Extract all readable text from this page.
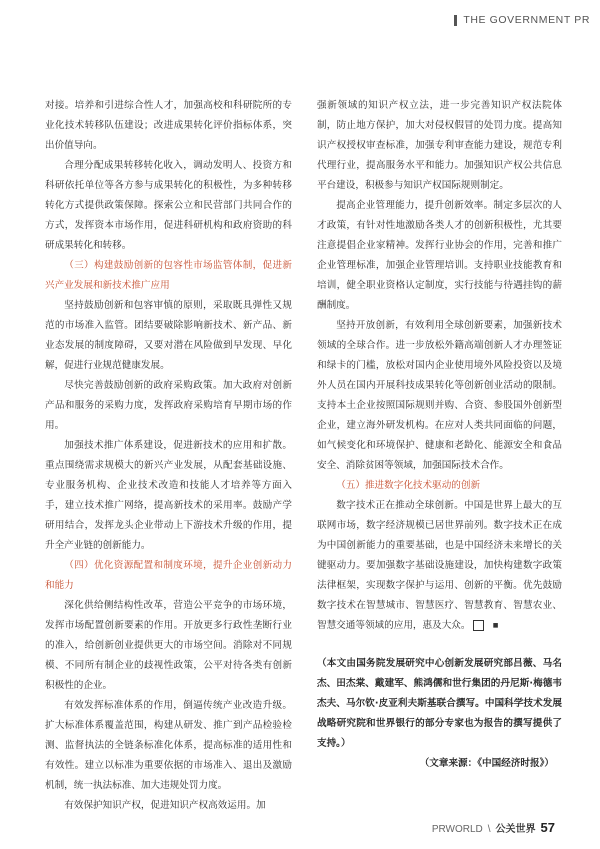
THE GOVERNMENT PR

对接。培养和引进综合性人才，加强高校和科研院所的专业化技术转移队伍建设；改进成果转化评价指标体系，突出价值导向。

合理分配成果转移转化收入，调动发明人、投资方和科研依托单位等各方参与成果转化的积极性，为多种转移转化方式提供政策保障。探索公立和民营部门共同合作的方式，发挥资本市场作用，促进科研机构和政府资助的科研成果转化和转移。

（三）构建鼓励创新的包容性市场监管体制，促进新兴产业发展和新技术推广应用

坚持鼓励创新和包容审慎的原则，采取既具弹性又规范的市场准入监管。团结要破除影响新技术、新产品、新业态发展的制度障碍，又要对潜在风险做到早发现、早化解，促进行业规范健康发展。

尽快完善鼓励创新的政府采购政策。加大政府对创新产品和服务的采购力度，发挥政府采购培育早期市场的作用。

加强技术推广体系建设，促进新技术的应用和扩散。重点围绕需求规模大的新兴产业发展，从配套基础设施、专业服务机构、企业技术改造和技能人才培养等方面入手，建立技术推广网络，提高新技术的采用率。鼓励产学研用结合，发挥龙头企业带动上下游技术升级的作用，提升全产业链的创新能力。

（四）优化资源配置和制度环境，提升企业创新动力和能力

深化供给侧结构性改革，营造公平竞争的市场环境，发挥市场配置创新要素的作用。开放更多行政性垄断行业的准入，给创新创业提供更大的市场空间。消除对不同规模、不同所有制企业的歧视性政策，公平对待各类有创新积极性的企业。

有效发挥标准体系的作用，倒逼传统产业改造升级。扩大标准体系覆盖范围，构建从研发、推广到产品检验检测、监督执法的全链条标准化体系，提高标准的适用性和有效性。建立以标准为重要依据的市场准入、退出及激励机制，统一执法标准、加大违规处罚力度。

有效保护知识产权，促进知识产权高效运用。加

强新领域的知识产权立法，进一步完善知识产权法院体制，防止地方保护，加大对侵权假冒的处罚力度。提高知识产权授权审查标准，加强专利审查能力建设，规范专利代理行业，提高服务水平和能力。加强知识产权公共信息平台建设，积极参与知识产权国际规则制定。

提高企业管理能力，提升创新效率。制定多层次的人才政策，有针对性地激励各类人才的创新积极性，尤其要注意提倡企业家精神。发挥行业协会的作用，完善和推广企业管理标准，加强企业管理培训。支持职业技能教育和培训，健全职业资格认定制度，实行技能与待遇挂钩的薪酬制度。

坚持开放创新，有效利用全球创新要素，加强新技术领域的全球合作。进一步放松外籍高端创新人才办理签证和绿卡的门槛，放松对国内企业使用境外风险投资以及境外人员在国内开展科技成果转化等创新创业活动的限制。支持本土企业按照国际规则并购、合资、参股国外创新型企业，建立海外研发机构。在应对人类共同面临的问题，如气候变化和环境保护、健康和老龄化、能源安全和食品安全、消除贫困等领域，加强国际技术合作。

（五）推进数字化技术驱动的创新

数字技术正在推动全球创新。中国是世界上最大的互联网市场，数字经济规模已居世界前列。数字技术正在成为中国创新能力的重要基础，也是中国经济未来增长的关键驱动力。要加强数字基础设施建设，加快构建数字政策法律框架，实现数字保护与运用、创新的平衡。优先鼓励数字技术在智慧城市、智慧医疗、智慧教育、智慧农业、智慧交通等领域的应用，惠及大众。	■

（本文由国务院发展研究中心创新发展研究部吕薇、马名杰、田杰棠、戴建军、熊鸿儒和世行集团的丹尼斯·梅德韦杰夫、马尔钦·皮亚利夫斯基联合撰写。中国科学技术发展战略研究院和世界银行的部分专家也为报告的撰写提供了支持。）

（文章来源：《中国经济时报》）

PRWORLD \ 公关世界 57
